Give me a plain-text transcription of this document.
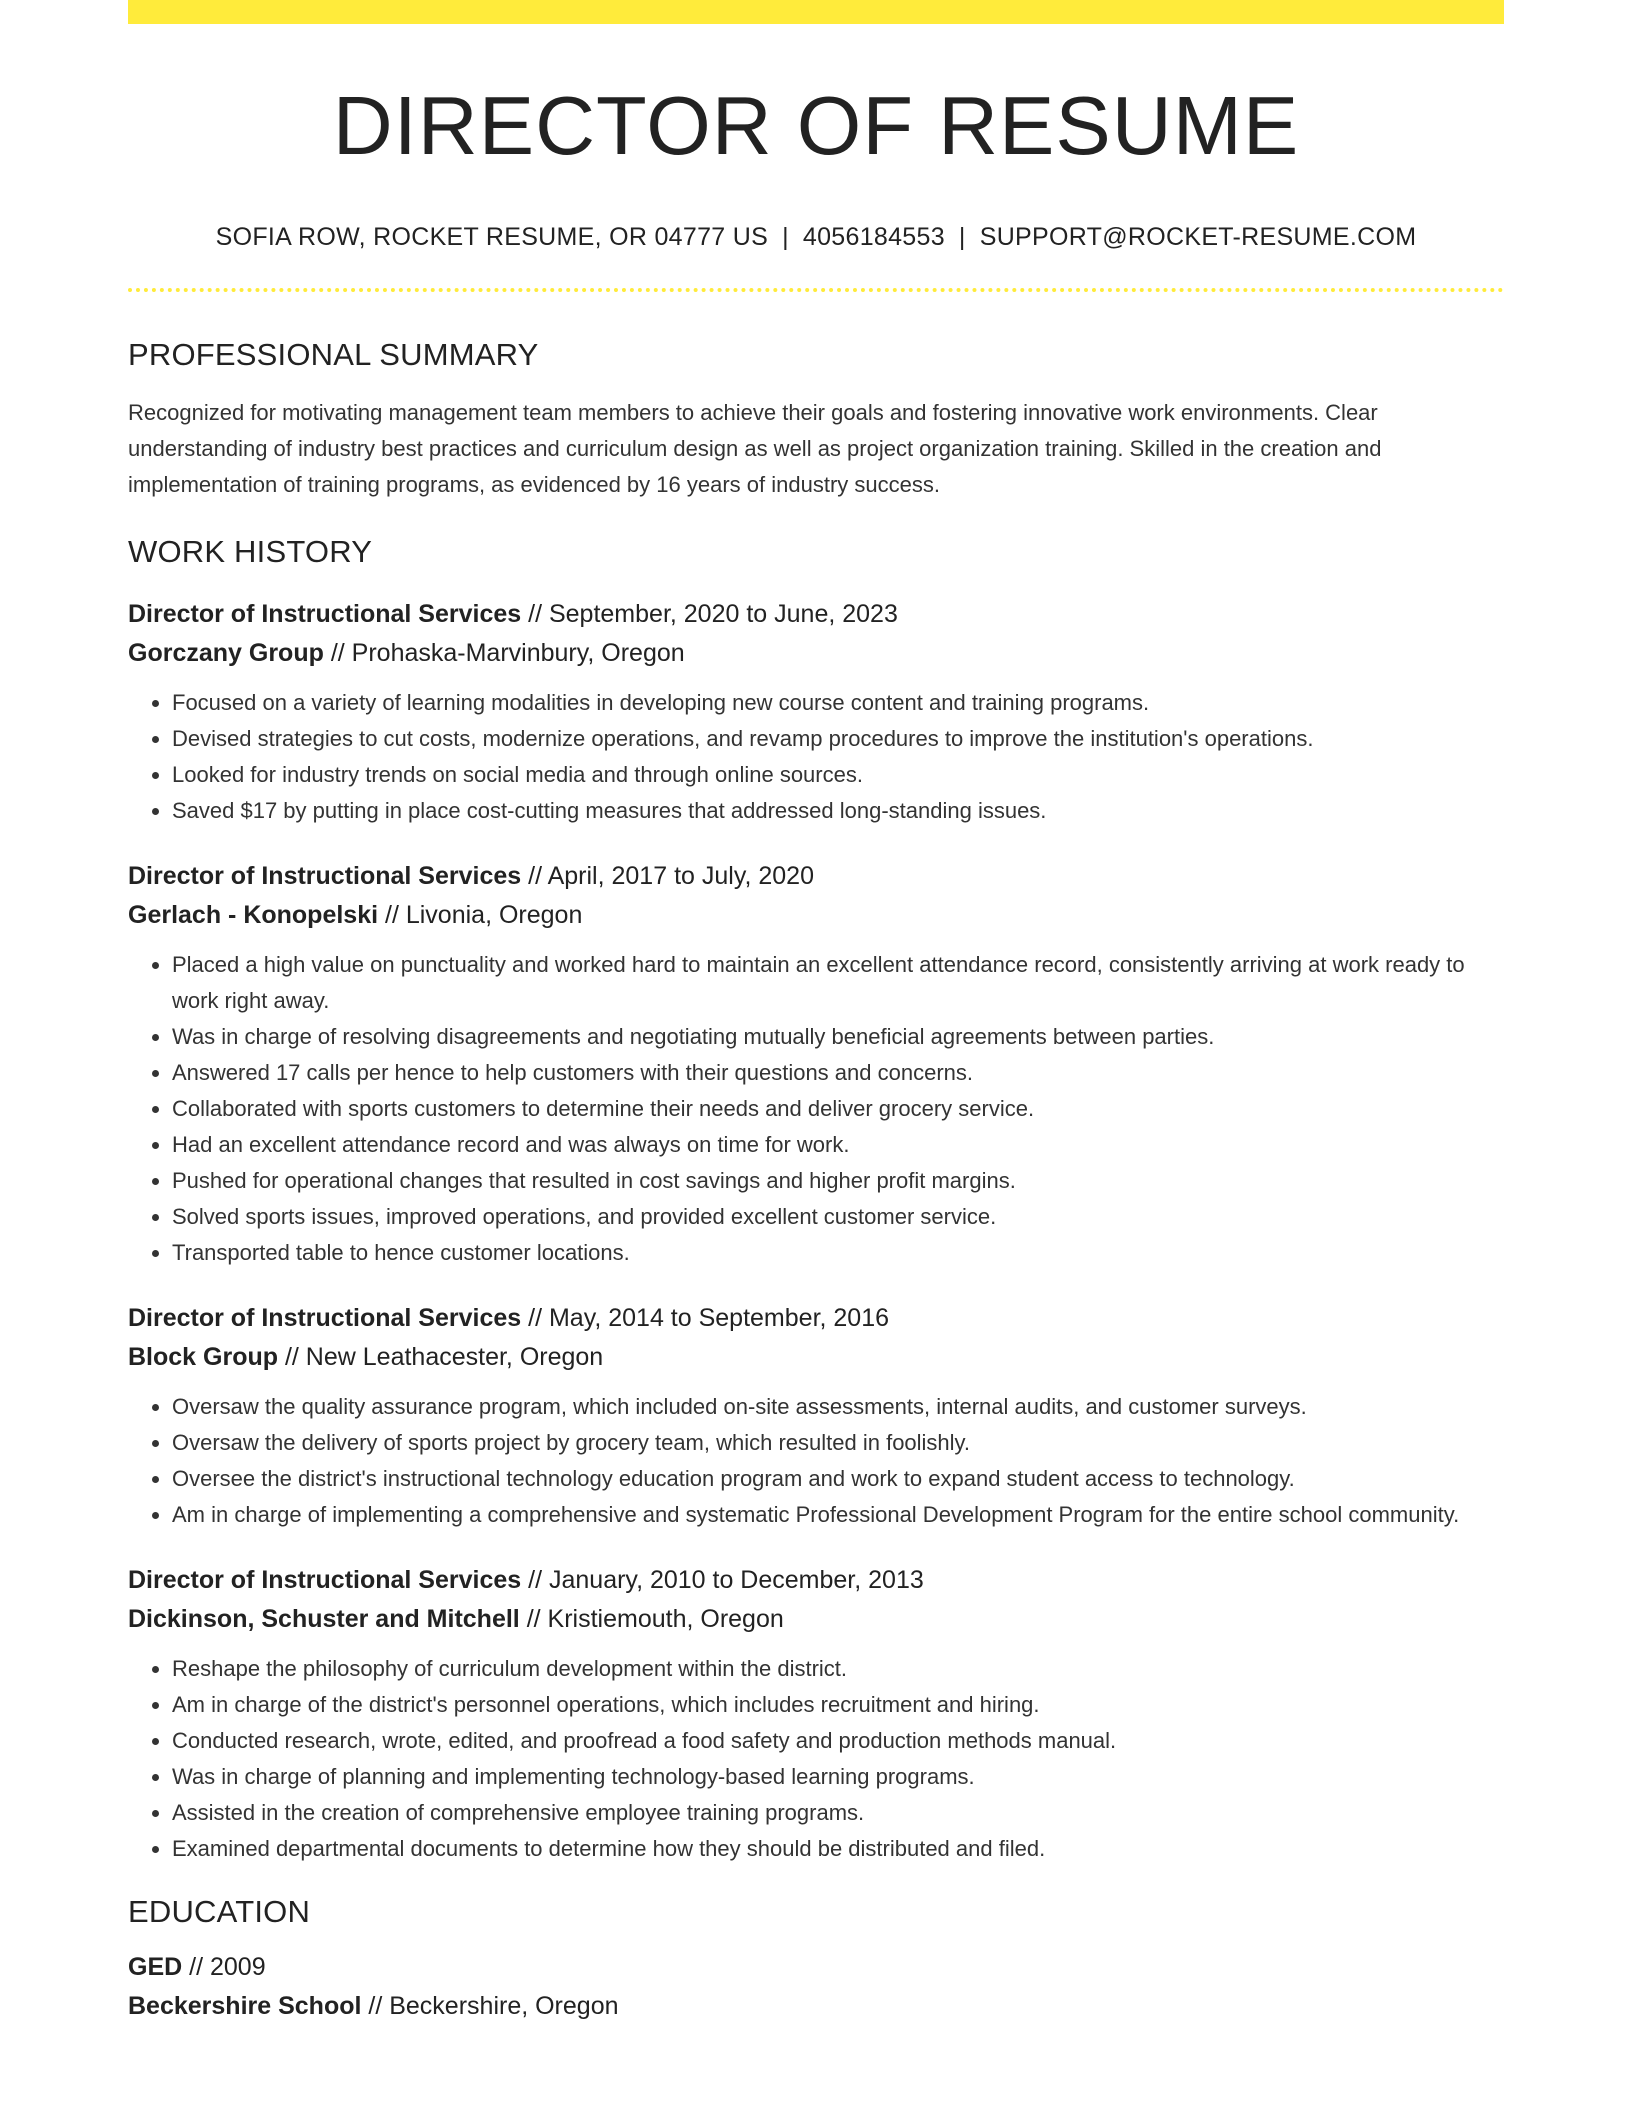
DIRECTOR OF RESUME
SOFIA ROW, ROCKET RESUME, OR 04777 US | 4056184553 | SUPPORT@ROCKET-RESUME.COM
PROFESSIONAL SUMMARY

Recognized for motivating management team members to achieve their goals and fostering innovative work environments. Clear understanding of industry best practices and curriculum design as well as project organization training. Skilled in the creation and implementation of training programs, as evidenced by 16 years of industry success.

WORK HISTORY
Director of Instructional Services // September, 2020 to June, 2023
Gorczany Group // Prohaska-Marvinbury, Oregon
• Focused on a variety of learning modalities in developing new course content and training programs.
• Devised strategies to cut costs, modernize operations, and revamp procedures to improve the institution's operations.
• Looked for industry trends on social media and through online sources.
• Saved $17 by putting in place cost-cutting measures that addressed long-standing issues.
Director of Instructional Services // April, 2017 to July, 2020
Gerlach - Konopelski // Livonia, Oregon
• Placed a high value on punctuality and worked hard to maintain an excellent attendance record, consistently arriving at work ready to work right away.
• Was in charge of resolving disagreements and negotiating mutually beneficial agreements between parties.
• Answered 17 calls per hence to help customers with their questions and concerns.
• Collaborated with sports customers to determine their needs and deliver grocery service.
• Had an excellent attendance record and was always on time for work.
• Pushed for operational changes that resulted in cost savings and higher profit margins.
• Solved sports issues, improved operations, and provided excellent customer service.
• Transported table to hence customer locations.
Director of Instructional Services // May, 2014 to September, 2016
Block Group // New Leathacester, Oregon
• Oversaw the quality assurance program, which included on-site assessments, internal audits, and customer surveys.
• Oversaw the delivery of sports project by grocery team, which resulted in foolishly.
• Oversee the district's instructional technology education program and work to expand student access to technology.
• Am in charge of implementing a comprehensive and systematic Professional Development Program for the entire school community.
Director of Instructional Services // January, 2010 to December, 2013
Dickinson, Schuster and Mitchell // Kristiemouth, Oregon
• Reshape the philosophy of curriculum development within the district.
• Am in charge of the district's personnel operations, which includes recruitment and hiring.
• Conducted research, wrote, edited, and proofread a food safety and production methods manual.
• Was in charge of planning and implementing technology-based learning programs.
• Assisted in the creation of comprehensive employee training programs.
• Examined departmental documents to determine how they should be distributed and filed.
EDUCATION
GED // 2009
Beckershire School // Beckershire, Oregon
